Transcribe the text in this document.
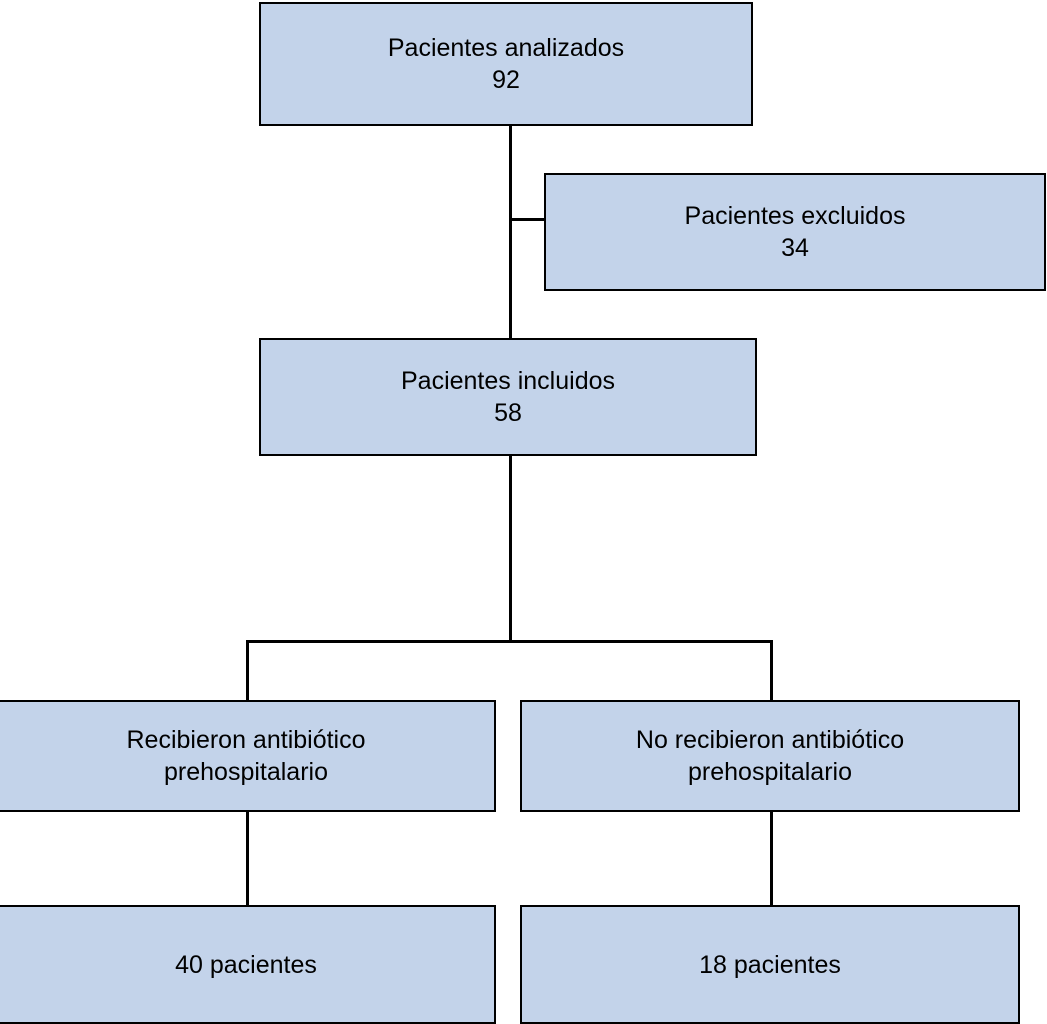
Pacientes analizados
92
Pacientes excluidos
34
Pacientes incluidos
58
Recibieron antibiótico
prehospitalario
No recibieron antibiótico
prehospitalario
40 pacientes	18 pacientes
